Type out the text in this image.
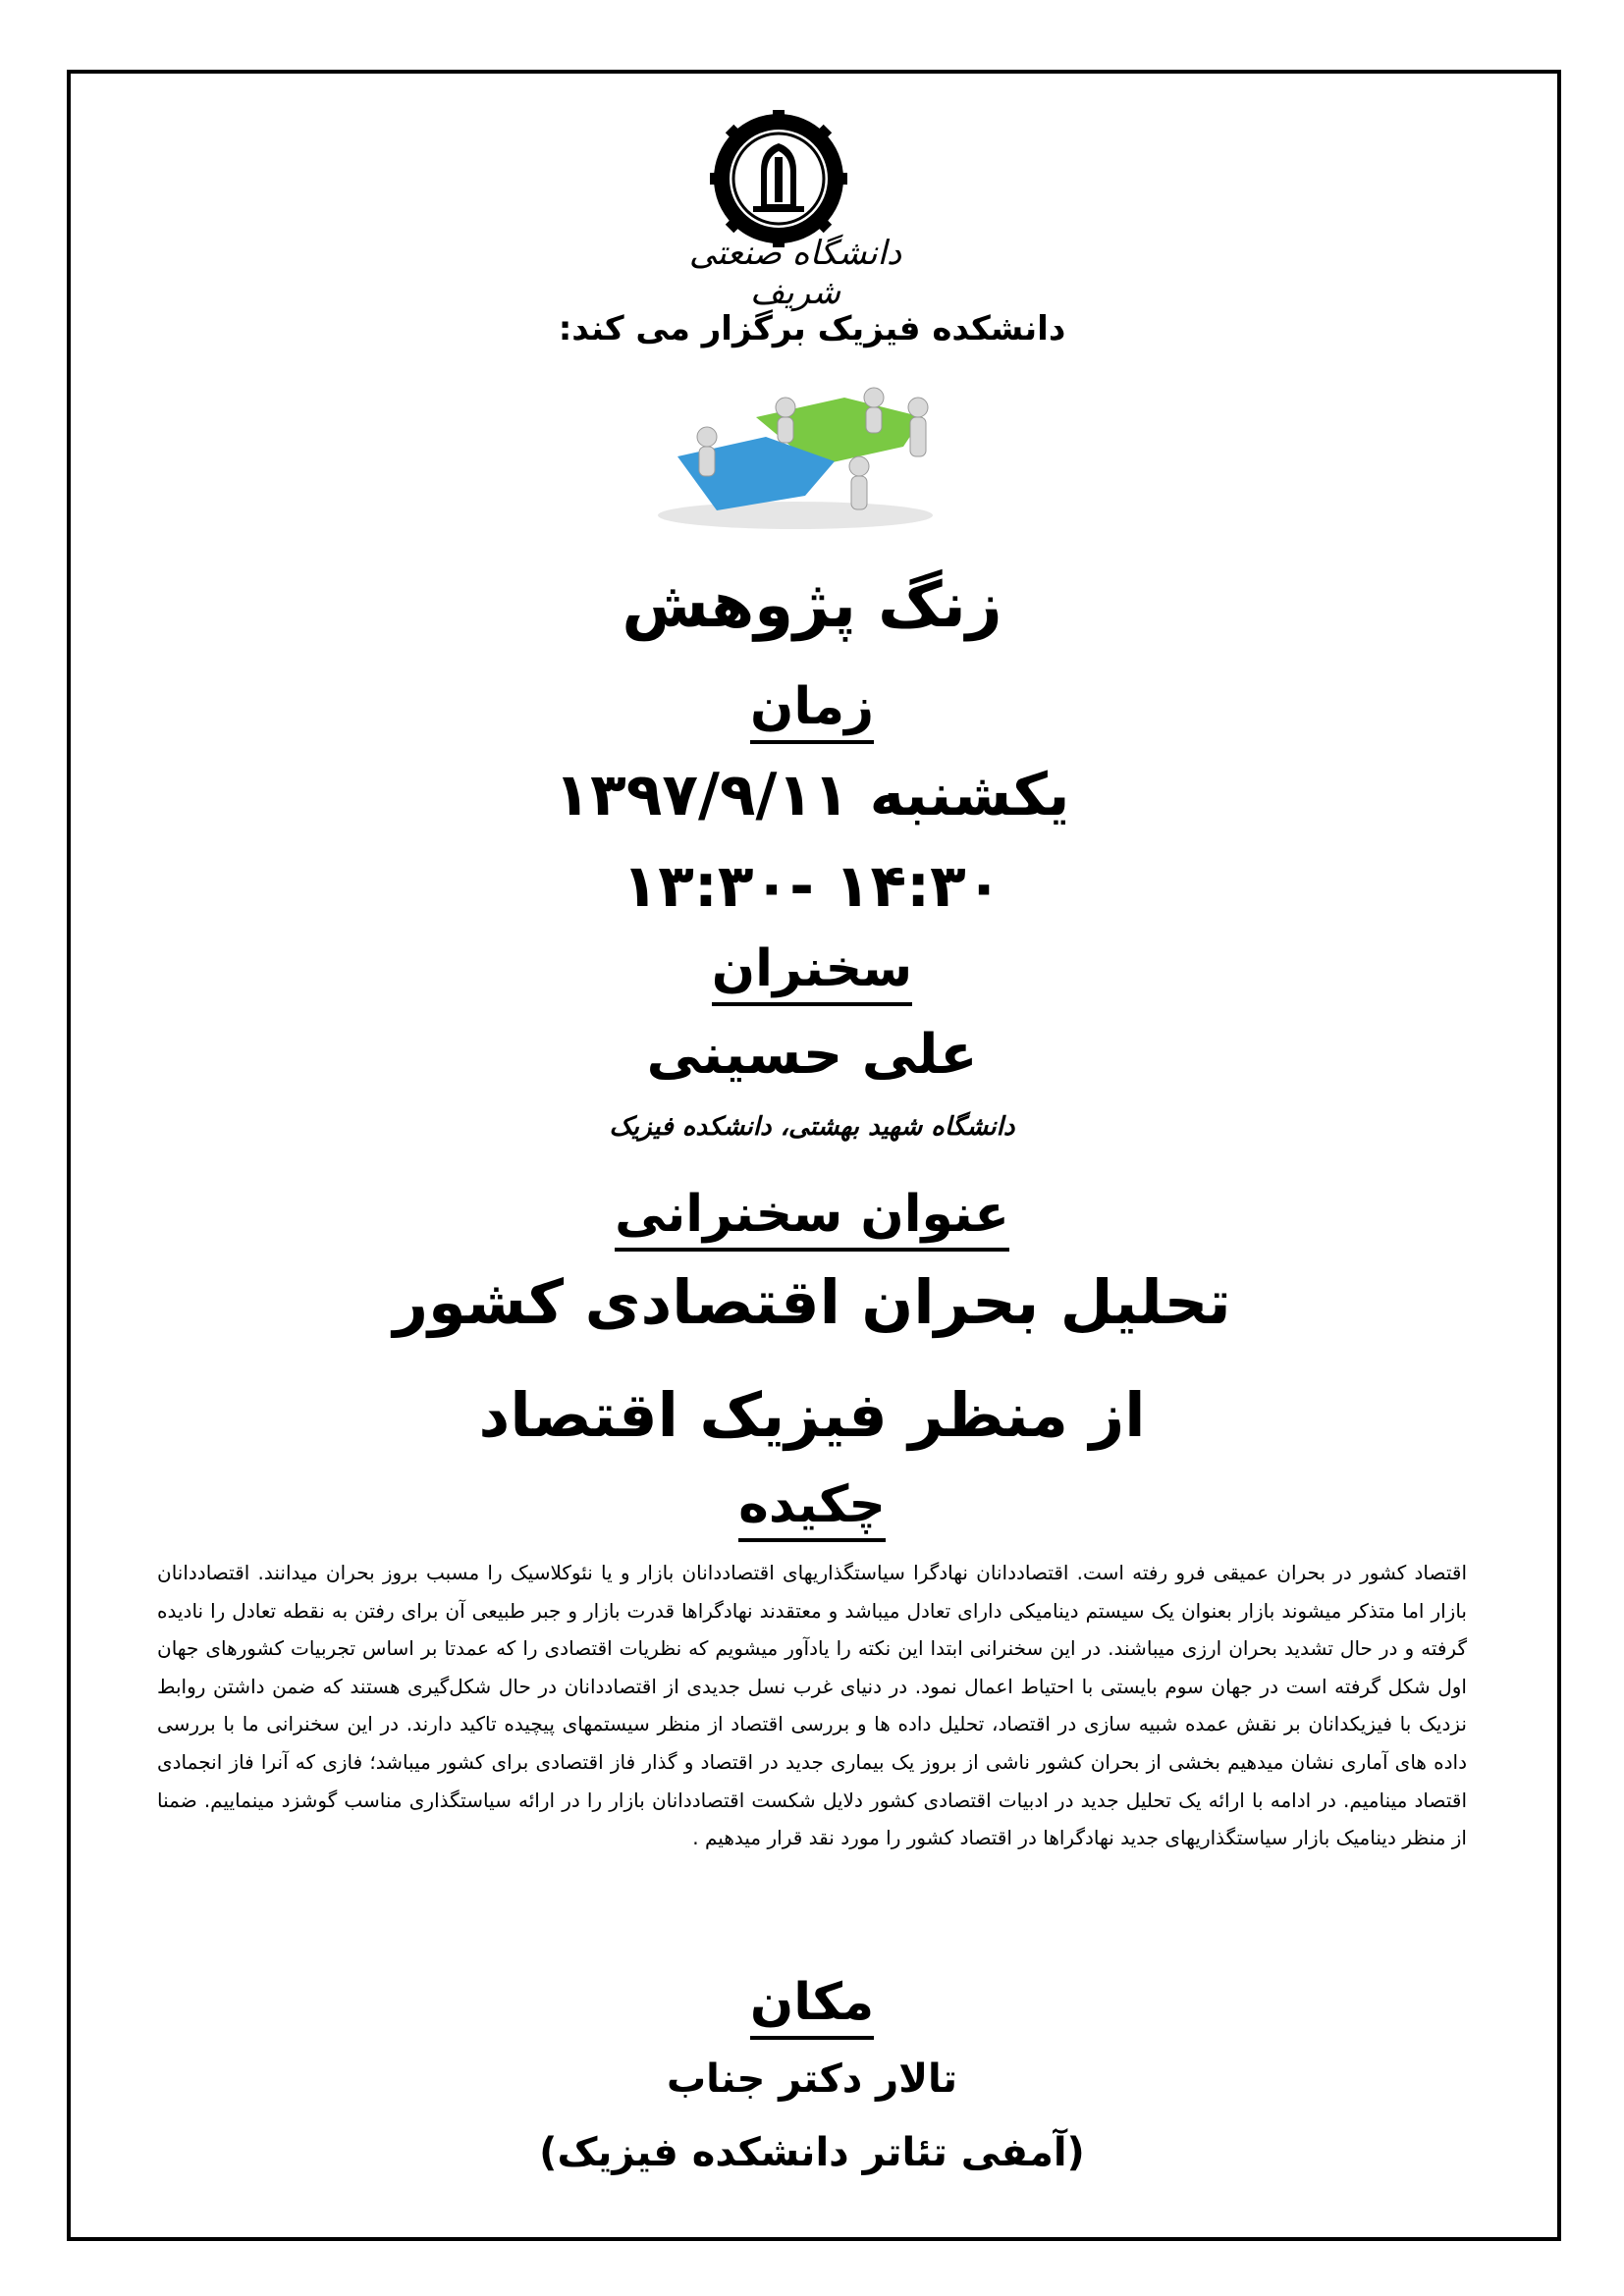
دانشگاه صنعتی شریف
دانشکده فیزیک برگزار می کند:
زنگ پژوهش
زمان
یکشنبه ۱۳۹۷/۹/۱۱
۱۴:۳۰ -۱۳:۳۰
سخنران
علی حسینی
دانشگاه شهید بهشتی، دانشکده فیزیک
عنوان سخنرانی
تحلیل بحران اقتصادی کشور
از منظر فیزیک اقتصاد
چکیده
اقتصاد کشور در بحران عمیقی فرو رفته است. اقتصاددانان نهادگرا سیاستگذاریهای اقتصاددانان بازار و یا نئوکلاسیک را مسبب بروز بحران میدانند. اقتصاددانان بازار اما متذکر میشوند بازار بعنوان یک سیستم دینامیکی دارای تعادل میباشد و معتقدند نهادگراها قدرت بازار و جبر طبیعی آن برای رفتن به نقطه تعادل را نادیده گرفته و در حال تشدید بحران ارزی میباشند. در این سخنرانی ابتدا این نکته را یادآور میشویم که نظریات اقتصادی را که عمدتا بر اساس تجربیات کشورهای جهان اول شکل گرفته است در جهان سوم بایستی با احتیاط اعمال نمود. در دنیای غرب نسل جدیدی از اقتصاددانان در حال شکل‌گیری هستند که ضمن داشتن روابط نزدیک با فیزیکدانان بر نقش عمده شبیه سازی در اقتصاد، تحلیل داده ها و بررسی اقتصاد از منظر سیستمهای پیچیده تاکید دارند. در این سخنرانی ما با بررسی داده های آماری نشان میدهیم بخشی از بحران کشور ناشی از بروز یک بیماری جدید در اقتصاد و گذار فاز اقتصادی برای کشور میباشد؛ فازی که آنرا فاز انجمادی اقتصاد مینامیم. در ادامه با ارائه یک تحلیل جدید در ادبیات اقتصادی کشور دلایل شکست اقتصاددانان بازار را در ارائه سیاستگذاری مناسب گوشزد مینماییم. ضمنا از منظر دینامیک بازار سیاستگذاریهای جدید نهادگراها در اقتصاد کشور را مورد نقد قرار میدهیم .
مکان
تالار دکتر جناب
(آمفی تئاتر دانشکده فیزیک)
